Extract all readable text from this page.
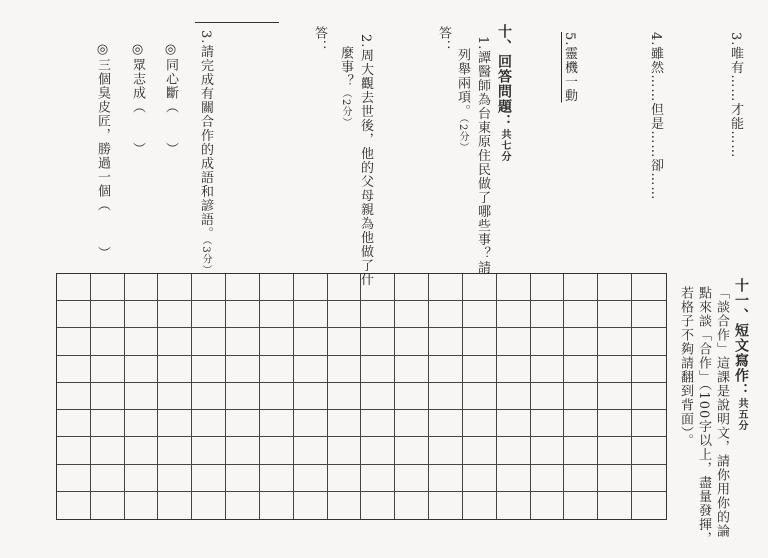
3.唯有……才能……
4.雖然……但是……卻……
5.靈機一動
十、回答問題：共七分
1.譚醫師為台東原住民做了哪些事？請
列舉兩項。（2分）
答：
2.周大觀去世後，他的父母親為他做了什
麼事？（2分）
答：
3.請完成有關合作的成語和諺語。（3分）
◎同心斷（　　）
◎眾志成（　　）
◎三個臭皮匠，勝過一個（
）
十一、短文寫作：共五分
「談合作」這課是說明文，請你用你的論
點來談「合作」（100字以上，盡量發揮，
若格子不夠請翻到背面）。
